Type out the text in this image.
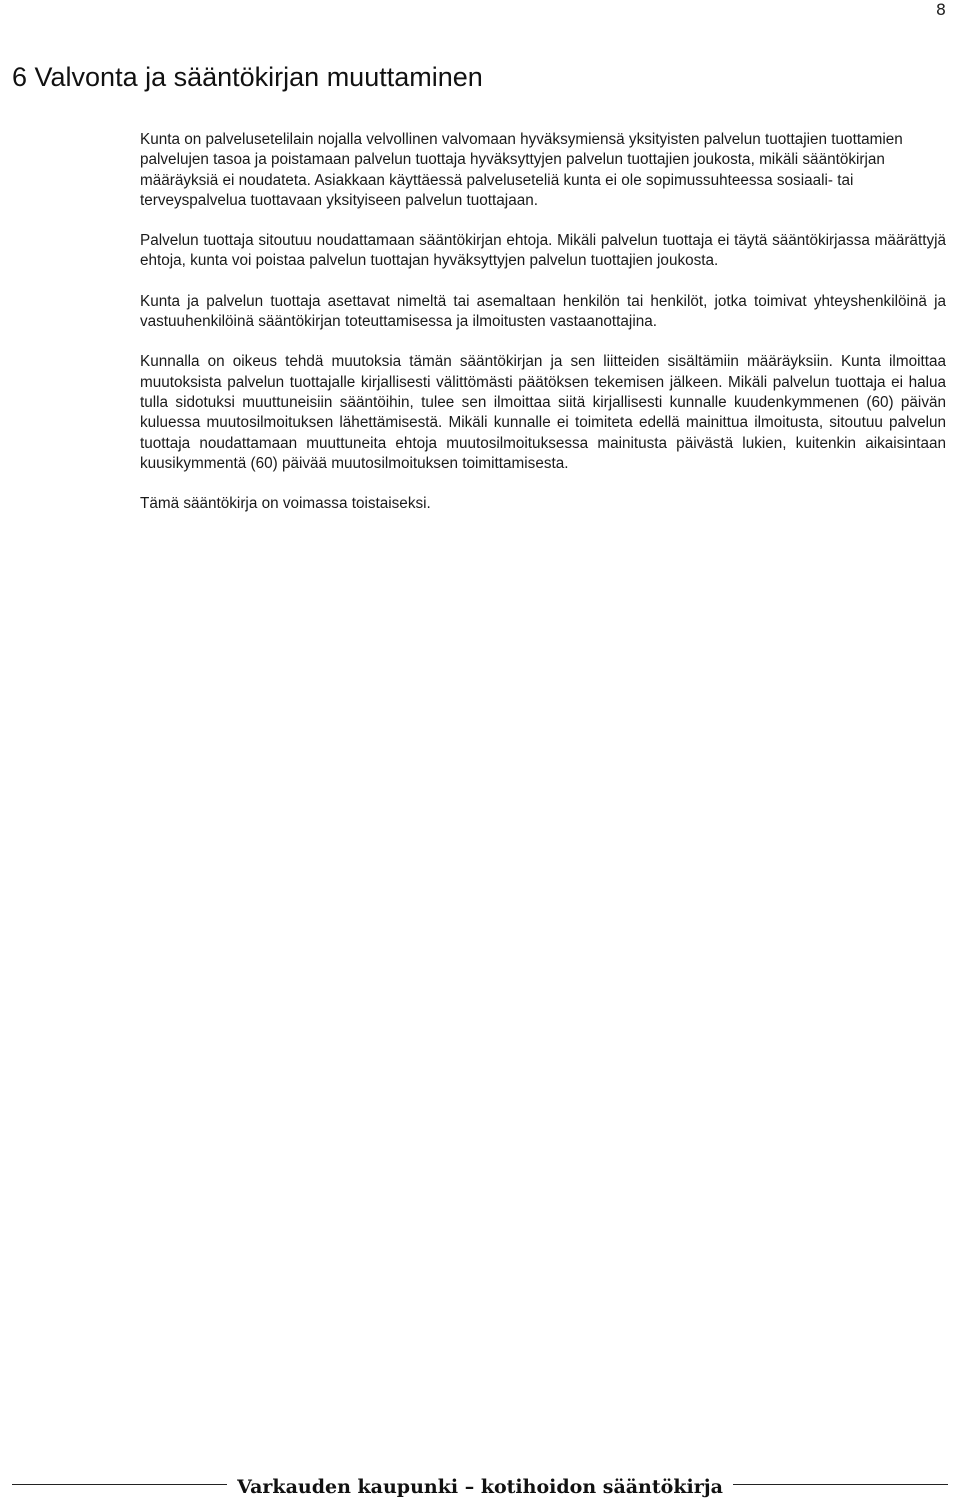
8
6 Valvonta ja sääntökirjan muuttaminen

Kunta on palvelusetelilain nojalla velvollinen valvomaan hyväksymiensä yksityisten palvelun tuottajien tuottamien palvelujen tasoa ja poistamaan palvelun tuottaja hyväksyttyjen palvelun tuottajien joukosta, mikäli sääntökirjan määräyksiä ei noudateta. Asiakkaan käyttäessä palveluseteliä kunta ei ole sopimussuhteessa sosiaali- tai terveyspalvelua tuottavaan yksityiseen palvelun tuottajaan.

Palvelun tuottaja sitoutuu noudattamaan sääntökirjan ehtoja. Mikäli palvelun tuottaja ei täytä sääntökirjassa määrättyjä ehtoja, kunta voi poistaa palvelun tuottajan hyväksyttyjen palvelun tuottajien joukosta.

Kunta ja palvelun tuottaja asettavat nimeltä tai asemaltaan henkilön tai henkilöt, jotka toimivat yhteyshenkilöinä ja vastuuhenkilöinä sääntökirjan toteuttamisessa ja ilmoitusten vastaanottajina.

Kunnalla on oikeus tehdä muutoksia tämän sääntökirjan ja sen liitteiden sisältämiin määräyksiin. Kunta ilmoittaa muutoksista palvelun tuottajalle kirjallisesti välittömästi päätöksen tekemisen jälkeen. Mikäli palvelun tuottaja ei halua tulla sidotuksi muuttuneisiin sääntöihin, tulee sen ilmoittaa siitä kirjallisesti kunnalle kuudenkymmenen (60) päivän kuluessa muutosilmoituksen lähettämisestä. Mikäli kunnalle ei toimiteta edellä mainittua ilmoitusta, sitoutuu palvelun tuottaja noudattamaan muuttuneita ehtoja muutosilmoituksessa mainitusta päivästä lukien, kuitenkin aikaisintaan kuusikymmentä (60) päivää muutosilmoituksen toimittamisesta.

Tämä sääntökirja on voimassa toistaiseksi.

Varkauden kaupunki – kotihoidon sääntökirja
